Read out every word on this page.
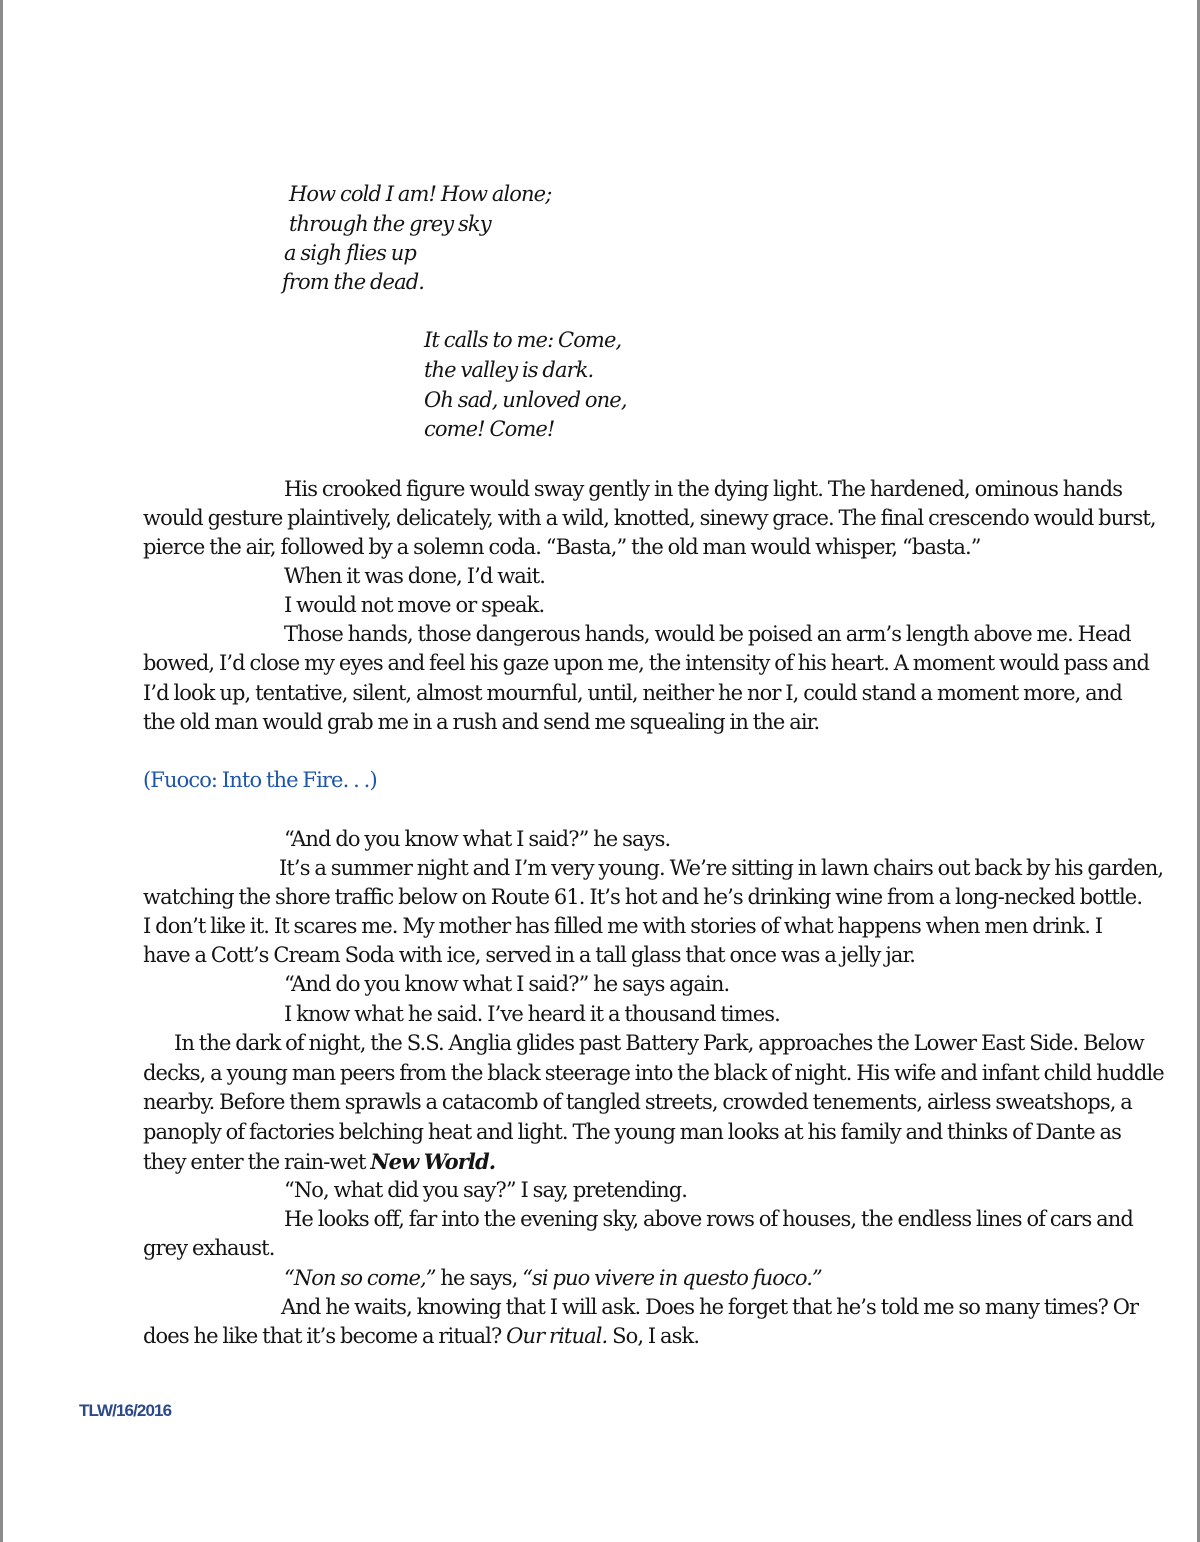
How cold I am! How alone;
through the grey sky
a sigh flies up
from the dead.
It calls to me: Come,
the valley is dark.
Oh sad, unloved one,
come! Come!
His crooked figure would sway gently in the dying light. The hardened, ominous hands
would gesture plaintively, delicately, with a wild, knotted, sinewy grace. The final crescendo would burst,
pierce the air, followed by a solemn coda. “Basta,” the old man would whisper, “basta.”
When it was done, I’d wait.
I would not move or speak.
Those hands, those dangerous hands, would be poised an arm’s length above me. Head
bowed, I’d close my eyes and feel his gaze upon me, the intensity of his heart. A moment would pass and
I’d look up, tentative, silent, almost mournful, until, neither he nor I, could stand a moment more, and
the old man would grab me in a rush and send me squealing in the air.
(Fuoco: Into the Fire. . .)
“And do you know what I said?” he says.
It’s a summer night and I’m very young. We’re sitting in lawn chairs out back by his garden,
watching the shore traffic below on Route 61. It’s hot and he’s drinking wine from a long-necked bottle.
I don’t like it. It scares me. My mother has filled me with stories of what happens when men drink. I
have a Cott’s Cream Soda with ice, served in a tall glass that once was a jelly jar.
“And do you know what I said?” he says again.
I know what he said. I’ve heard it a thousand times.
In the dark of night, the S.S. Anglia glides past Battery Park, approaches the Lower East Side. Below
decks, a young man peers from the black steerage into the black of night. His wife and infant child huddle
nearby. Before them sprawls a catacomb of tangled streets, crowded tenements, airless sweatshops, a
panoply of factories belching heat and light. The young man looks at his family and thinks of Dante as
they enter the rain-wet New World.
“No, what did you say?” I say, pretending.
He looks off, far into the evening sky, above rows of houses, the endless lines of cars and
grey exhaust.
“Non so come,” he says, “si puo vivere in questo fuoco.”
And he waits, knowing that I will ask. Does he forget that he’s told me so many times? Or
does he like that it’s become a ritual? Our ritual. So, I ask.
TLW/16/2016
